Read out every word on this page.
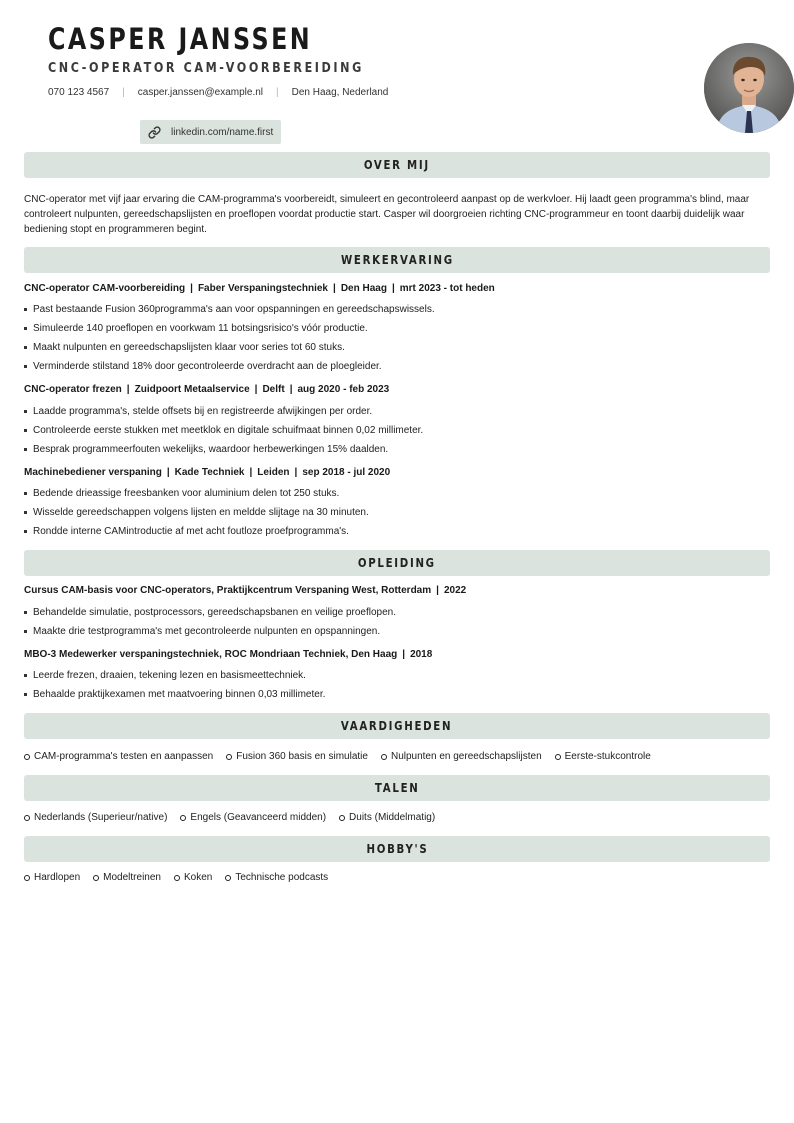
CASPER JANSSEN
CNC-OPERATOR CAM-VOORBEREIDING
070 123 4567 | casper.janssen@example.nl | Den Haag, Nederland
linkedin.com/name.first
OVER MIJ
CNC-operator met vijf jaar ervaring die CAM-programma's voorbereidt, simuleert en gecontroleerd aanpast op de werkvloer. Hij laadt geen programma's blind, maar controleert nulpunten, gereedschapslijsten en proeflopen voordat productie start. Casper wil doorgroeien richting CNC-programmeur en toont daarbij duidelijk waar bediening stopt en programmeren begint.
WERKERVARING
CNC-operator CAM-voorbereiding | Faber Verspaningstechniek | Den Haag | mrt 2023 - tot heden
Past bestaande Fusion 360programma's aan voor opspanningen en gereedschapswissels.
Simuleerde 140 proeflopen en voorkwam 11 botsingsrisico's vóór productie.
Maakt nulpunten en gereedschapslijsten klaar voor series tot 60 stuks.
Verminderde stilstand 18% door gecontroleerde overdracht aan de ploegleider.
CNC-operator frezen | Zuidpoort Metaalservice | Delft | aug 2020 - feb 2023
Laadde programma's, stelde offsets bij en registreerde afwijkingen per order.
Controleerde eerste stukken met meetklok en digitale schuifmaat binnen 0,02 millimeter.
Besprak programmeerfouten wekelijks, waardoor herbewerkingen 15% daalden.
Machinebediener verspaning | Kade Techniek | Leiden | sep 2018 - jul 2020
Bedende drieassige freesbanken voor aluminium delen tot 250 stuks.
Wisselde gereedschappen volgens lijsten en meldde slijtage na 30 minuten.
Rondde interne CAMintroductie af met acht foutloze proefprogramma's.
OPLEIDING
Cursus CAM-basis voor CNC-operators, Praktijkcentrum Verspaning West, Rotterdam | 2022
Behandelde simulatie, postprocessors, gereedschapsbanen en veilige proeflopen.
Maakte drie testprogramma's met gecontroleerde nulpunten en opspanningen.
MBO-3 Medewerker verspaningstechniek, ROC Mondriaan Techniek, Den Haag | 2018
Leerde frezen, draaien, tekening lezen en basismeettechniek.
Behaalde praktijkexamen met maatvoering binnen 0,03 millimeter.
VAARDIGHEDEN
CAM-programma's testen en aanpassen Fusion 360 basis en simulatie Nulpunten en gereedschapslijsten Eerste-stukcontrole
TALEN
Nederlands (Superieur/native) Engels (Geavanceerd midden) Duits (Middelmatig)
HOBBY'S
Hardlopen Modeltreinen Koken Technische podcasts
